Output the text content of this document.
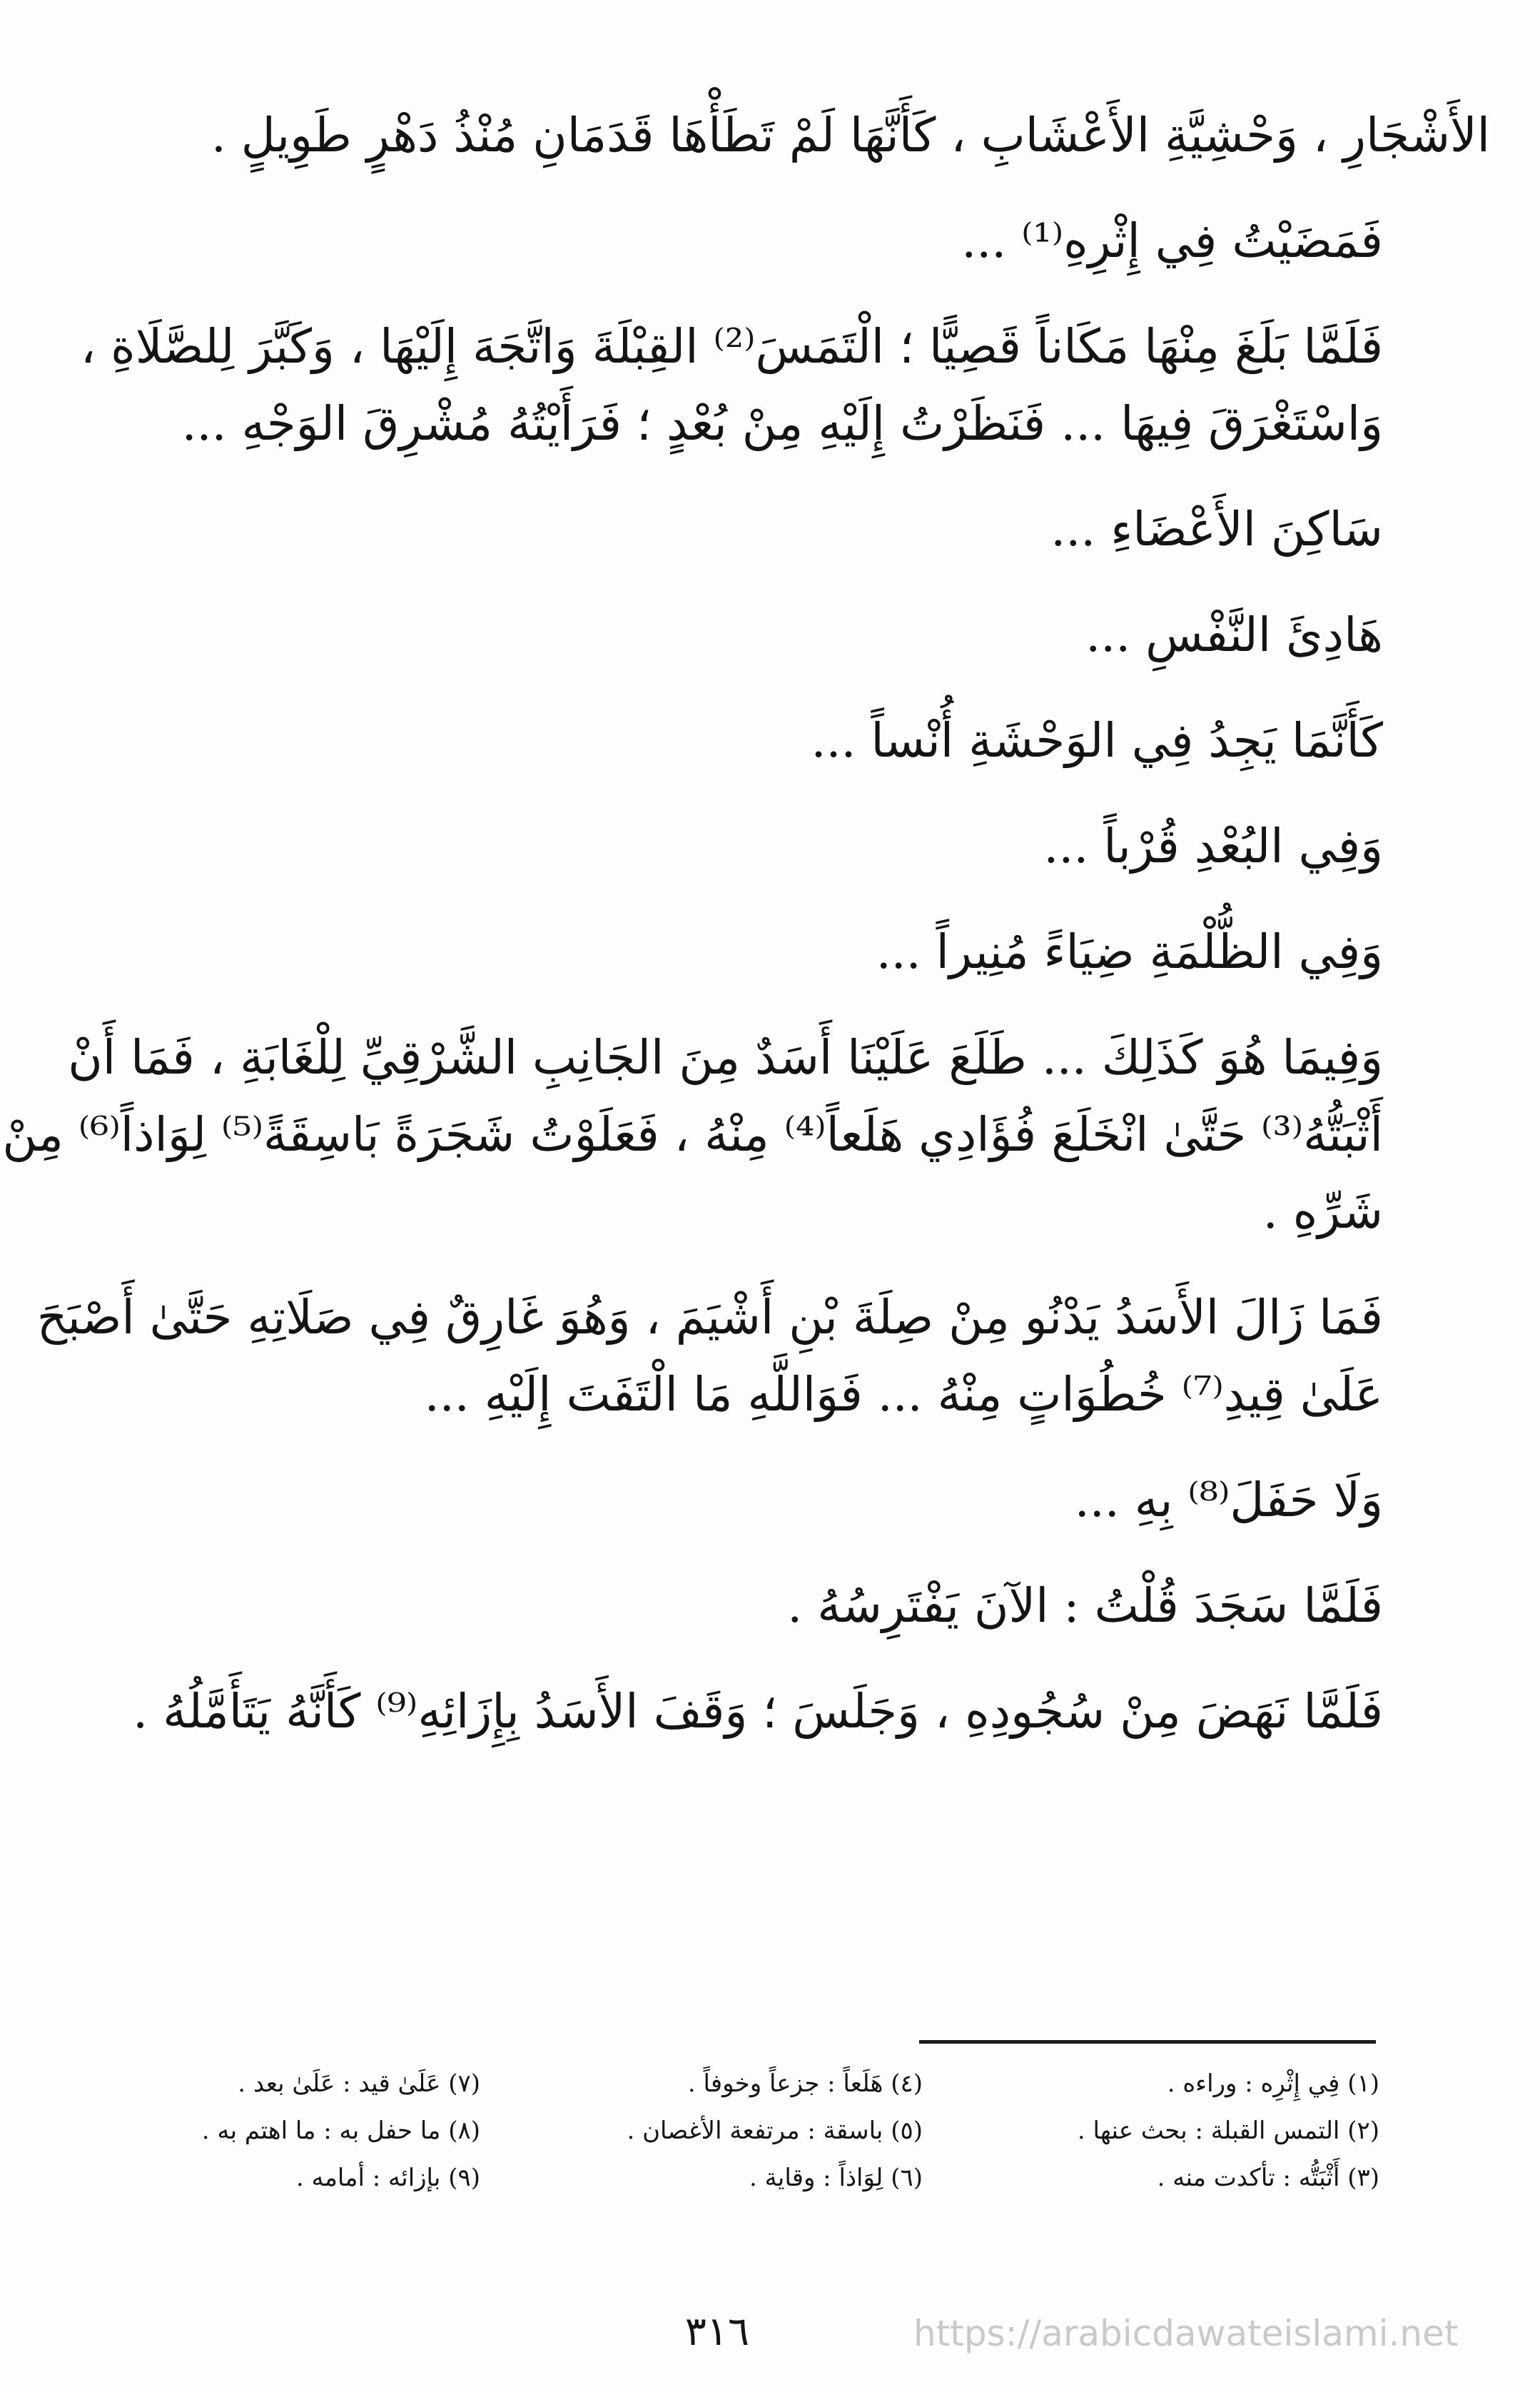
الأَشْجَارِ ، وَحْشِيَّةِ الأَعْشَابِ ، كَأَنَّهَا لَمْ تَطَأْهَا قَدَمَانِ مُنْذُ دَهْرٍ طَوِيلٍ .
فَمَضَيْتُ فِي إِثْرِهِ⁽¹⁾ ...
فَلَمَّا بَلَغَ مِنْهَا مَكَاناً قَصِيًّا ؛ الْتَمَسَ⁽²⁾ القِبْلَةَ وَاتَّجَهَ إِلَيْهَا ، وَكَبَّرَ لِلصَّلَاةِ ،
وَاسْتَغْرَقَ فِيهَا ... فَنَظَرْتُ إِلَيْهِ مِنْ بُعْدٍ ؛ فَرَأَيْتُهُ مُشْرِقَ الوَجْهِ ...
سَاكِنَ الأَعْضَاءِ ...
هَادِئَ النَّفْسِ ...
كَأَنَّمَا يَجِدُ فِي الوَحْشَةِ أُنْساً ...
وَفِي البُعْدِ قُرْباً ...
وَفِي الظُّلْمَةِ ضِيَاءً مُنِيراً ...
وَفِيمَا هُوَ كَذَلِكَ ... طَلَعَ عَلَيْنَا أَسَدٌ مِنَ الجَانِبِ الشَّرْقِيِّ لِلْغَابَةِ ، فَمَا أَنْ
أَثْبَتُّهُ⁽³⁾ حَتَّىٰ انْخَلَعَ فُؤَادِي هَلَعاً⁽⁴⁾ مِنْهُ ، فَعَلَوْتُ شَجَرَةً بَاسِقَةً⁽⁵⁾ لِوَاذاً⁽⁶⁾ مِنْ
شَرِّهِ .
فَمَا زَالَ الأَسَدُ يَدْنُو مِنْ صِلَةَ بْنِ أَشْيَمَ ، وَهُوَ غَارِقٌ فِي صَلَاتِهِ حَتَّىٰ أَصْبَحَ
عَلَىٰ قِيدِ⁽⁷⁾ خُطُوَاتٍ مِنْهُ ... فَوَاللَّهِ مَا الْتَفَتَ إِلَيْهِ ...
وَلَا حَفَلَ⁽⁸⁾ بِهِ ...
فَلَمَّا سَجَدَ قُلْتُ : الآنَ يَفْتَرِسُهُ .
فَلَمَّا نَهَضَ مِنْ سُجُودِهِ ، وَجَلَسَ ؛ وَقَفَ الأَسَدُ بِإِزَائِهِ⁽⁹⁾ كَأَنَّهُ يَتَأَمَّلُهُ .
(١) فِي إِثْرِه : وراءه .
(٤) هَلَعاً : جزعاً وخوفاً .
(٧) عَلَىٰ قيد : عَلَىٰ بعد .
(٢) التمس القبلة : بحث عنها .
(٥) باسقة : مرتفعة الأغصان .
(٨) ما حفل به : ما اهتم به .
(٣) أَثْبَتُّه : تأكدت منه .
(٦) لِوَاذاً : وقاية .
(٩) بإزائه : أمامه .
٣١٦	https://arabicdawateislami.net
